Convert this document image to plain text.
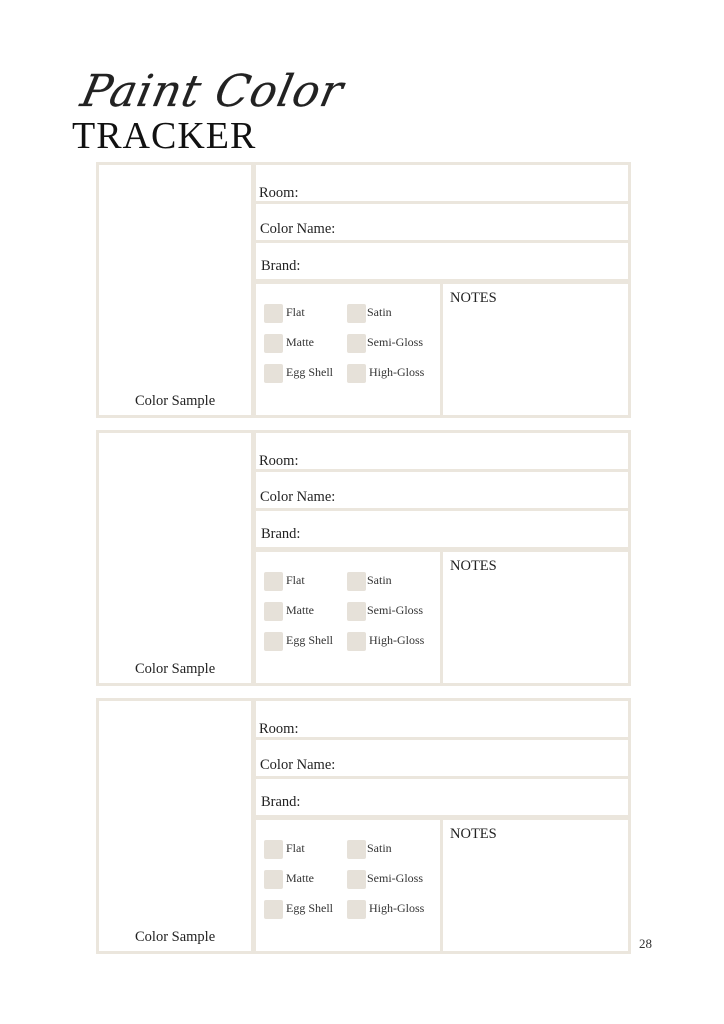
Paint Color
TRACKER
Color Sample
Room:
Color Name:
Brand:
NOTES
Flat	Satin
Matte	Semi-Gloss
Egg Shell	High-Gloss
Color Sample
Room:
Color Name:
Brand:
NOTES
Flat	Satin
Matte	Semi-Gloss
Egg Shell	High-Gloss
Color Sample
Room:
Color Name:
Brand:
NOTES
Flat	Satin
Matte	Semi-Gloss
Egg Shell	High-Gloss
28
